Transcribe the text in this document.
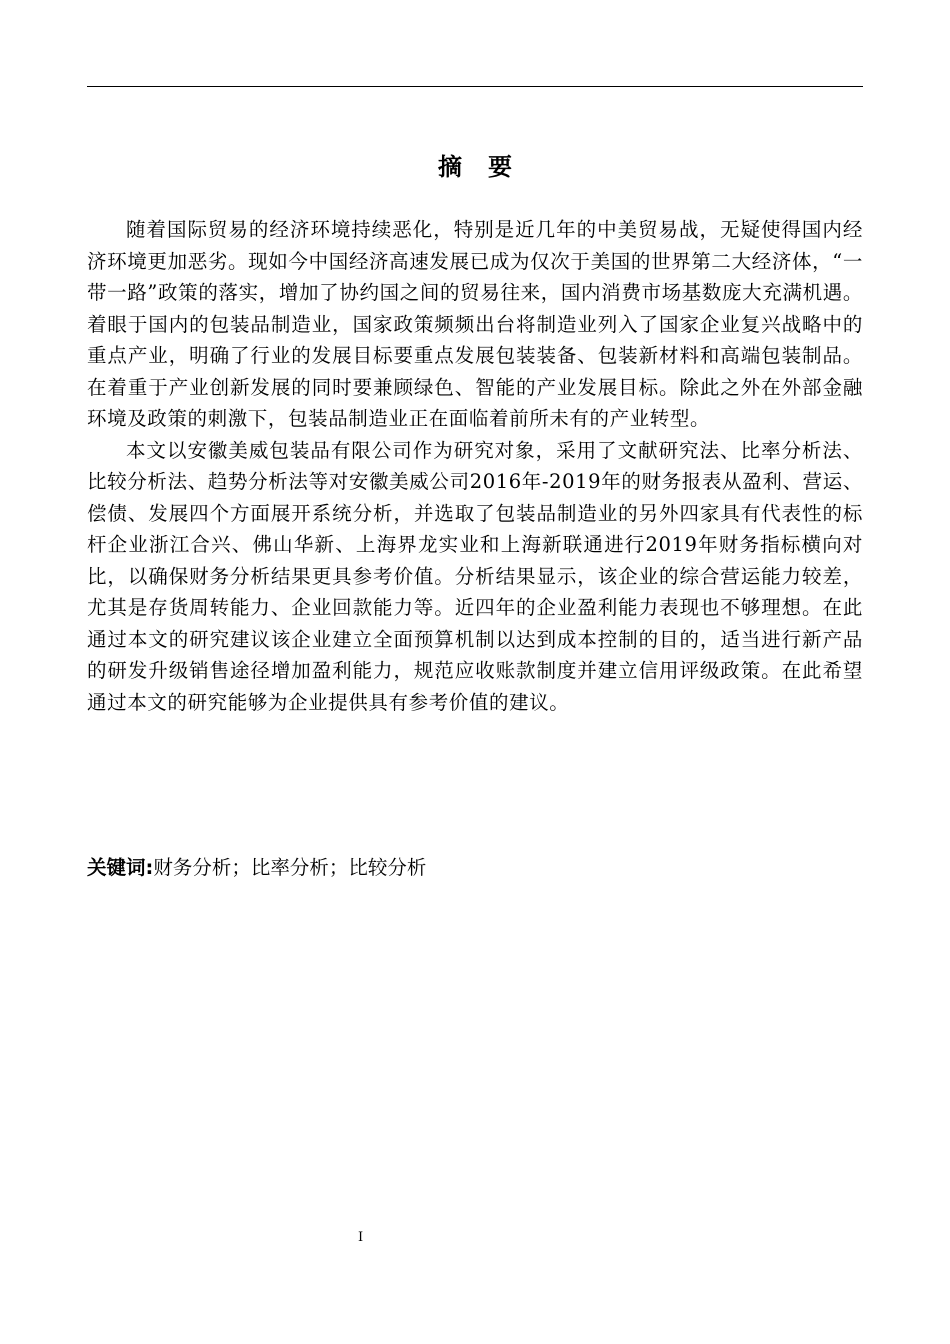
摘要

随着国际贸易的经济环境持续恶化，特别是近几年的中美贸易战，无疑使得国内经济环境更加恶劣。现如今中国经济高速发展已成为仅次于美国的世界第二大经济体，“一带一路”政策的落实，增加了协约国之间的贸易往来，国内消费市场基数庞大充满机遇。着眼于国内的包装品制造业，国家政策频频出台将制造业列入了国家企业复兴战略中的重点产业，明确了行业的发展目标要重点发展包装装备、包装新材料和高端包装制品。在着重于产业创新发展的同时要兼顾绿色、智能的产业发展目标。除此之外在外部金融环境及政策的刺激下，包装品制造业正在面临着前所未有的产业转型。

本文以安徽美威包装品有限公司作为研究对象，采用了文献研究法、比率分析法、比较分析法、趋势分析法等对安徽美威公司2016年-2019年的财务报表从盈利、营运、偿债、发展四个方面展开系统分析，并选取了包装品制造业的另外四家具有代表性的标杆企业浙江合兴、佛山华新、上海界龙实业和上海新联通进行2019年财务指标横向对比，以确保财务分析结果更具参考价值。分析结果显示，该企业的综合营运能力较差，尤其是存货周转能力、企业回款能力等。近四年的企业盈利能力表现也不够理想。在此通过本文的研究建议该企业建立全面预算机制以达到成本控制的目的，适当进行新产品的研发升级销售途径增加盈利能力，规范应收账款制度并建立信用评级政策。在此希望通过本文的研究能够为企业提供具有参考价值的建议。

关键词:财务分析；比率分析；比较分析
I
